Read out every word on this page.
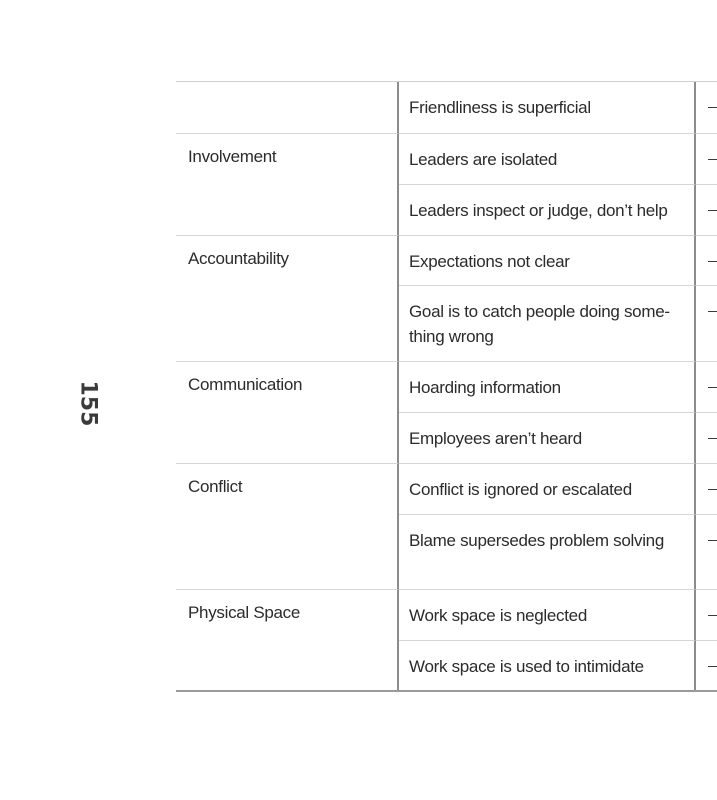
155
Friendliness is superficial
Involvement	Leaders are isolated
Leaders inspect or judge, don’t help
Accountability	Expectations not clear
Goal is to catch people doing some-
thing wrong
Communication	Hoarding information
Employees aren’t heard
Conflict	Conflict is ignored or escalated
Blame supersedes problem solving
Physical Space	Work space is neglected
Work space is used to intimidate
